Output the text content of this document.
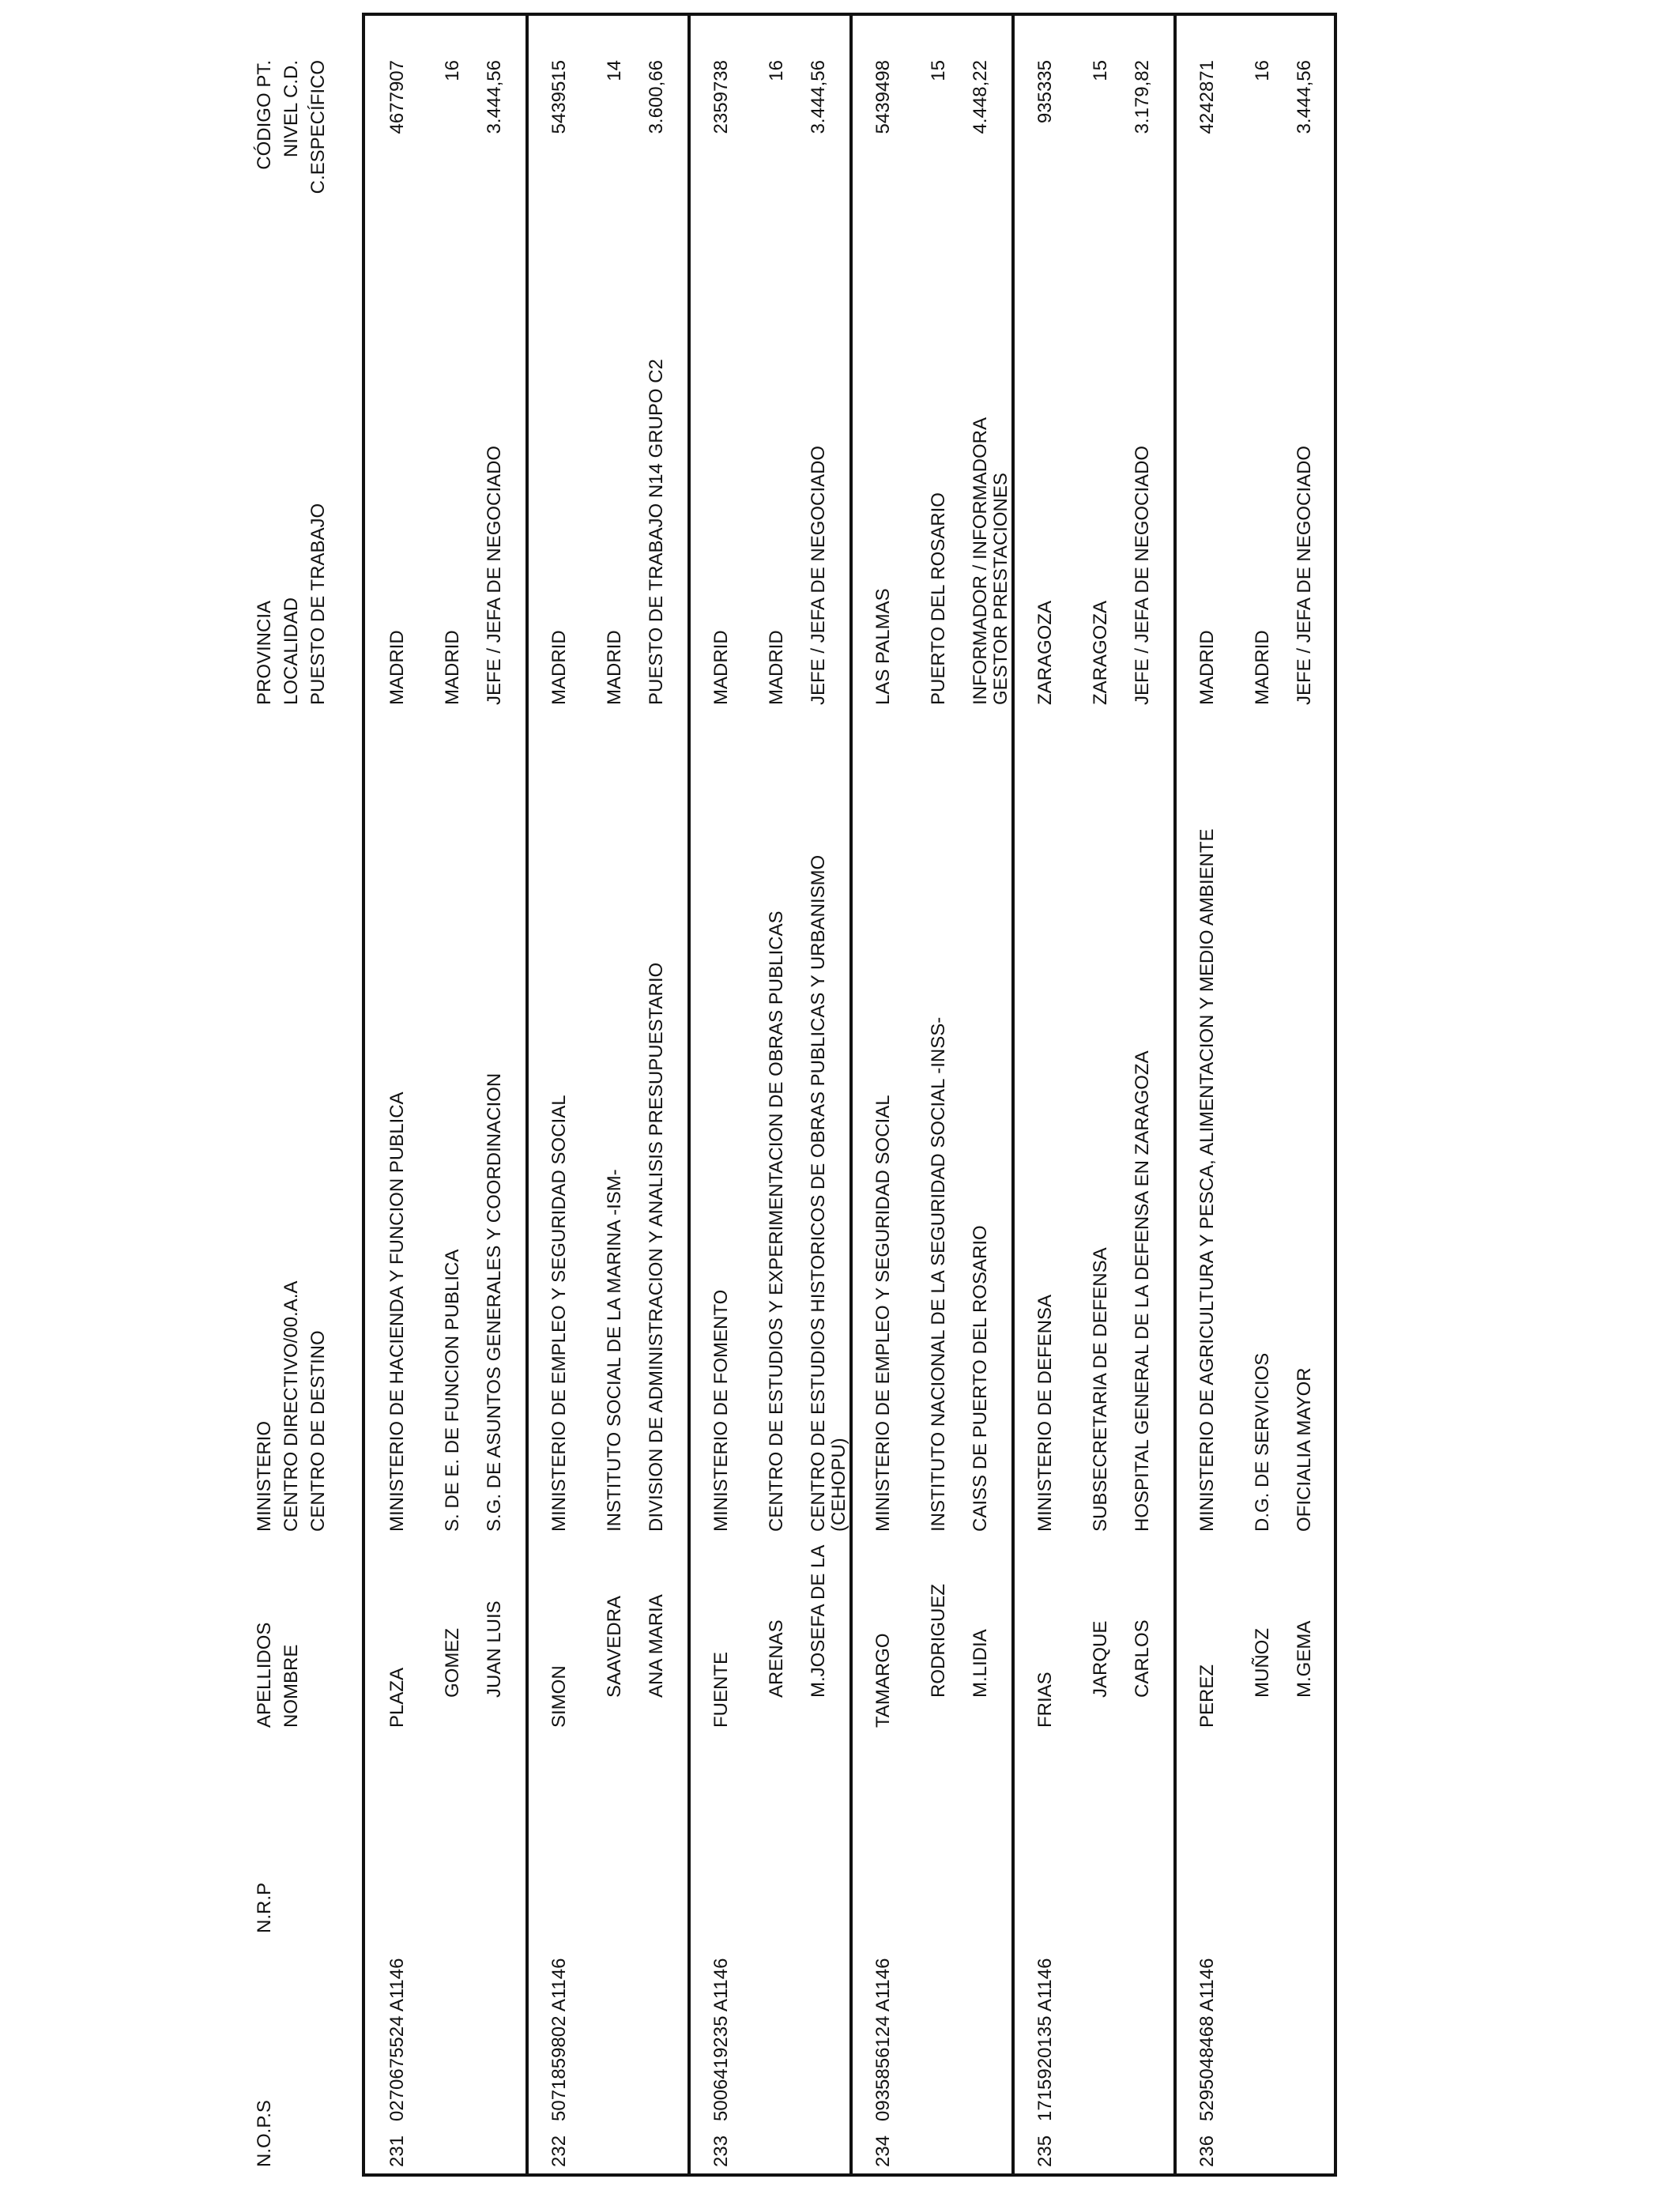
N.O.P.S
N.R.P
APELLIDOS NOMBRE
MINISTERIO CENTRO DIRECTIVO/00.A.A CENTRO DE DESTINO
PROVINCIA LOCALIDAD PUESTO DE TRABAJO
CÓDIGO PT. NIVEL C.D. C.ESPECÍFICO
231
0270675524 A1146
PLAZA GOMEZ JUAN LUIS
MINISTERIO DE HACIENDA Y FUNCION PUBLICA S. DE E. DE FUNCION PUBLICA S.G. DE ASUNTOS GENERALES Y COORDINACION
MADRID MADRID JEFE / JEFA DE NEGOCIADO
4677907 16 3.444,56
232
5071859802 A1146
SIMON SAAVEDRA ANA MARIA
MINISTERIO DE EMPLEO Y SEGURIDAD SOCIAL INSTITUTO SOCIAL DE LA MARINA -ISM- DIVISION DE ADMINISTRACION Y ANALISIS PRESUPUESTARIO
MADRID MADRID PUESTO DE TRABAJO N14 GRUPO C2
5439515 14 3.600,66
233
5006419235 A1146
FUENTE ARENAS M.JOSEFA DE LA
MINISTERIO DE FOMENTO CENTRO DE ESTUDIOS Y EXPERIMENTACION DE OBRAS PUBLICAS CENTRO DE ESTUDIOS HISTORICOS DE OBRAS PUBLICAS Y URBANISMO (CEHOPU)
MADRID MADRID JEFE / JEFA DE NEGOCIADO
2359738 16 3.444,56
234
0935856124 A1146
TAMARGO RODRIGUEZ M.LIDIA
MINISTERIO DE EMPLEO Y SEGURIDAD SOCIAL INSTITUTO NACIONAL DE LA SEGURIDAD SOCIAL -INSS- CAISS DE PUERTO DEL ROSARIO
LAS PALMAS PUERTO DEL ROSARIO INFORMADOR / INFORMADORA GESTOR PRESTACIONES
5439498 15 4.448,22
235
1715920135 A1146
FRIAS
JARQUE CARLOS
MINISTERIO DE DEFENSA SUBSECRETARIA DE DEFENSA HOSPITAL GENERAL DE LA DEFENSA EN ZARAGOZA
ZARAGOZA ZARAGOZA JEFE / JEFA DE NEGOCIADO
935335 15 3.179,82
236
5295048468 A1146
PEREZ MUÑOZ M.GEMA
MINISTERIO DE AGRICULTURA Y PESCA, ALIMENTACION Y MEDIO AMBIENTE D.G. DE SERVICIOS OFICIALIA MAYOR
MADRID MADRID JEFE / JEFA DE NEGOCIADO
4242871 16 3.444,56
